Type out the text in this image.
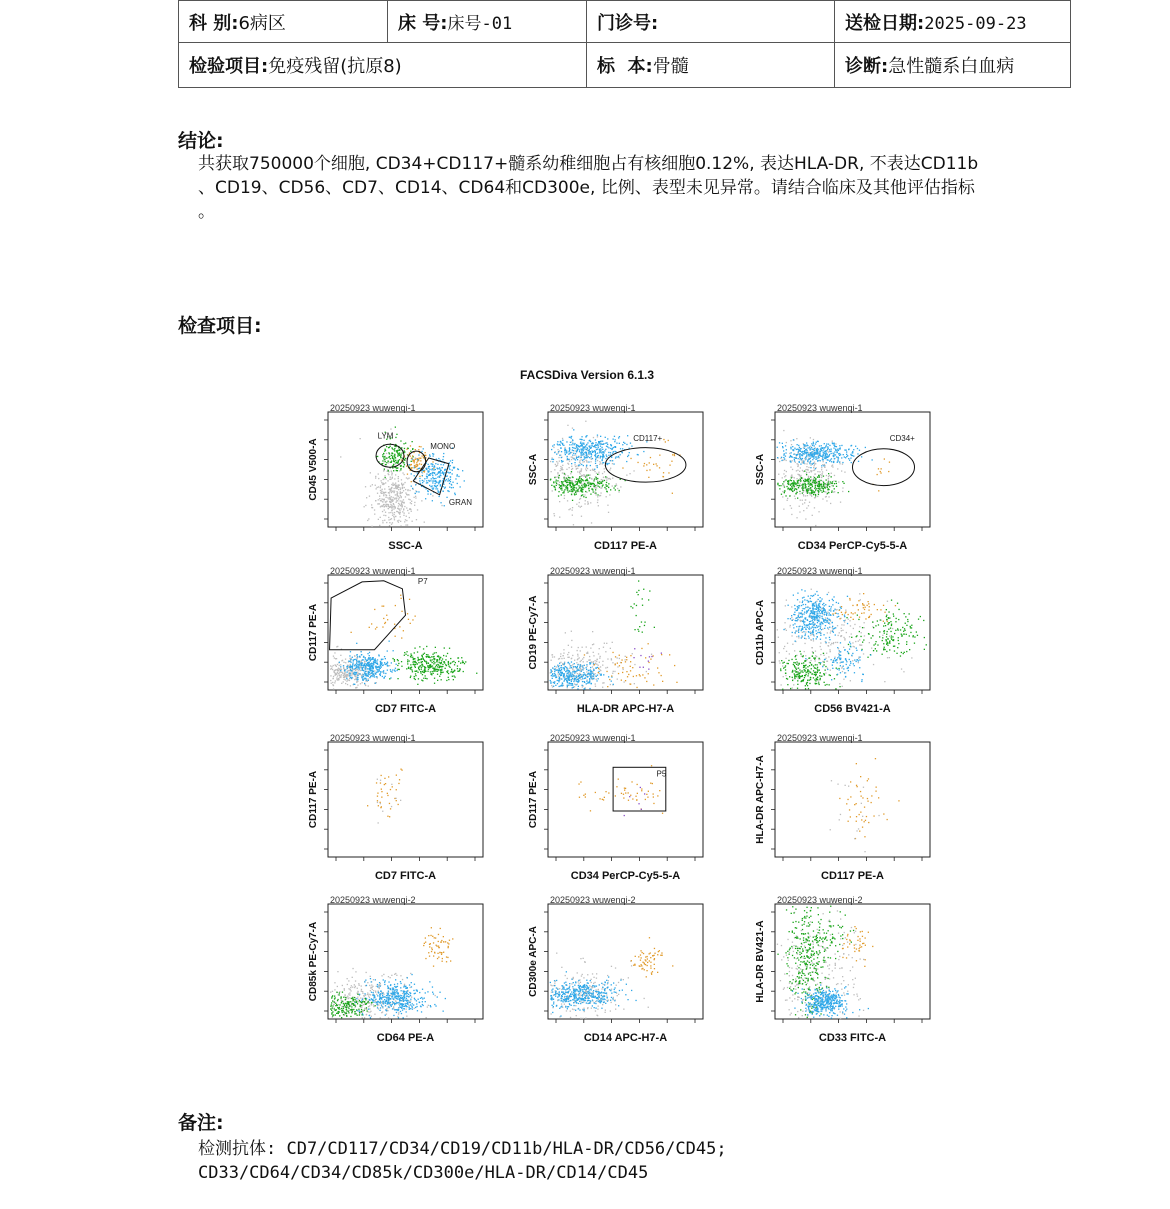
科 别:6病区	床 号:床号-01	门诊号:	送检日期:2025-09-23
检验项目:免疫残留(抗原8)		标  本:骨髓	诊断:急性髓系白血病
结论:
共获取750000个细胞, CD34+CD117+髓系幼稚细胞占有核细胞0.12%, 表达HLA-DR, 不表达CD11b
、CD19、CD56、CD7、CD14、CD64和CD300e, 比例、表型未见异常。请结合临床及其他评估指标
。
检查项目:
FACSDiva Version 6.1.3
20250923 wuwenqi-1
LYM
MONO
GRAN
SSC-A
CD45 V500-A
20250923 wuwenqi-1
CD117+
CD117 PE-A
SSC-A
20250923 wuwenqi-1
CD34+
CD34 PerCP-Cy5-5-A
SSC-A
20250923 wuwenqi-1
P7
CD7 FITC-A
CD117 PE-A
20250923 wuwenqi-1
HLA-DR APC-H7-A
CD19 PE-Cy7-A
20250923 wuwenqi-1
CD56 BV421-A
CD11b APC-A
20250923 wuwenqi-1
CD7 FITC-A
CD117 PE-A
20250923 wuwenqi-1
P5
CD34 PerCP-Cy5-5-A
CD117 PE-A
20250923 wuwenqi-1
CD117 PE-A
HLA-DR APC-H7-A
20250923 wuwenqi-2
CD64 PE-A
CD85k PE-Cy7-A
20250923 wuwenqi-2
CD14 APC-H7-A
CD300e APC-A
20250923 wuwenqi-2
CD33 FITC-A
HLA-DR BV421-A
备注:
检测抗体: CD7/CD117/CD34/CD19/CD11b/HLA-DR/CD56/CD45;
CD33/CD64/CD34/CD85k/CD300e/HLA-DR/CD14/CD45
